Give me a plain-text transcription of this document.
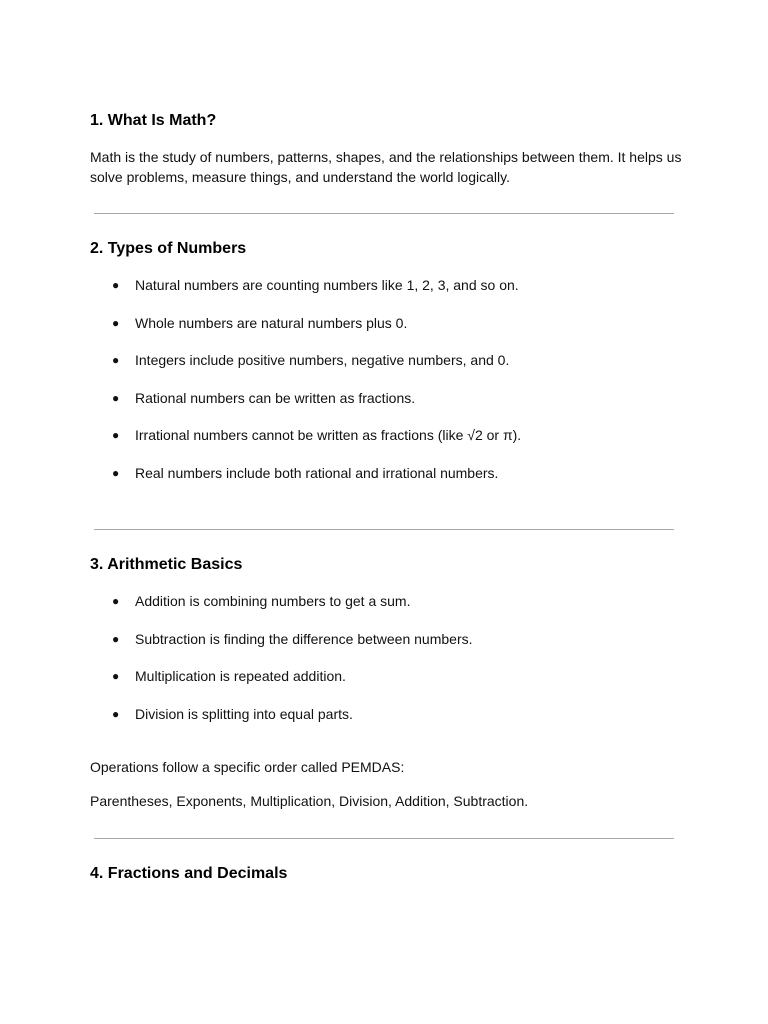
1. What Is Math?

Math is the study of numbers, patterns, shapes, and the relationships between them. It helps us solve problems, measure things, and understand the world logically.

2. Types of Numbers
● Natural numbers are counting numbers like 1, 2, 3, and so on.
● Whole numbers are natural numbers plus 0.
● Integers include positive numbers, negative numbers, and 0.
● Rational numbers can be written as fractions.
● Irrational numbers cannot be written as fractions (like √2 or π).
● Real numbers include both rational and irrational numbers.
3. Arithmetic Basics
● Addition is combining numbers to get a sum.
● Subtraction is finding the difference between numbers.
● Multiplication is repeated addition.
● Division is splitting into equal parts.

Operations follow a specific order called PEMDAS:

Parentheses, Exponents, Multiplication, Division, Addition, Subtraction.

4. Fractions and Decimals
